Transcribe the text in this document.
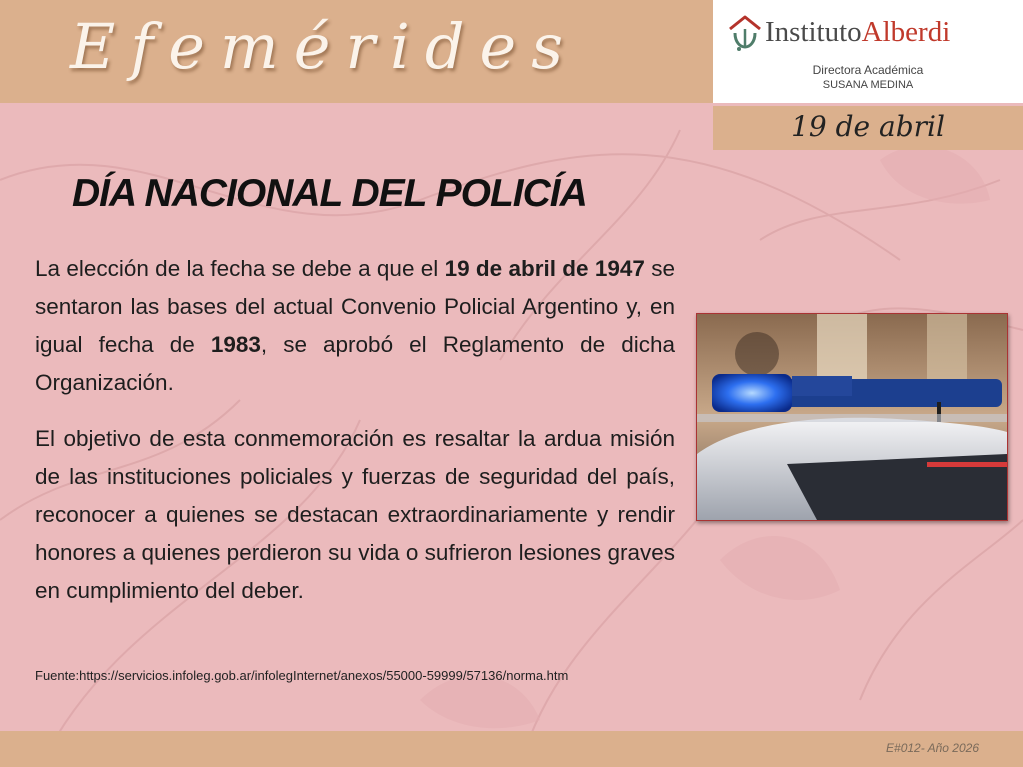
Efemérides	Instituto Alberdi
Directora Académica
SUSANA MEDINA
19 de abril
DÍA NACIONAL DEL POLICÍA

La elección de la fecha se debe a que el 19 de abril de 1947 se sentaron las bases del actual Convenio Policial Argentino y, en igual fecha de 1983, se aprobó el Reglamento de dicha Organización.

El objetivo de esta conmemoración es resaltar la ardua misión de las instituciones policiales y fuerzas de seguridad del país, reconocer a quienes se destacan extraordinariamente y rendir honores a quienes perdieron su vida o sufrieron lesiones graves en cumplimiento del deber.

Fuente:https://servicios.infoleg.gob.ar/infolegInternet/anexos/55000-59999/57136/norma.htm
E#012- Año 2026
